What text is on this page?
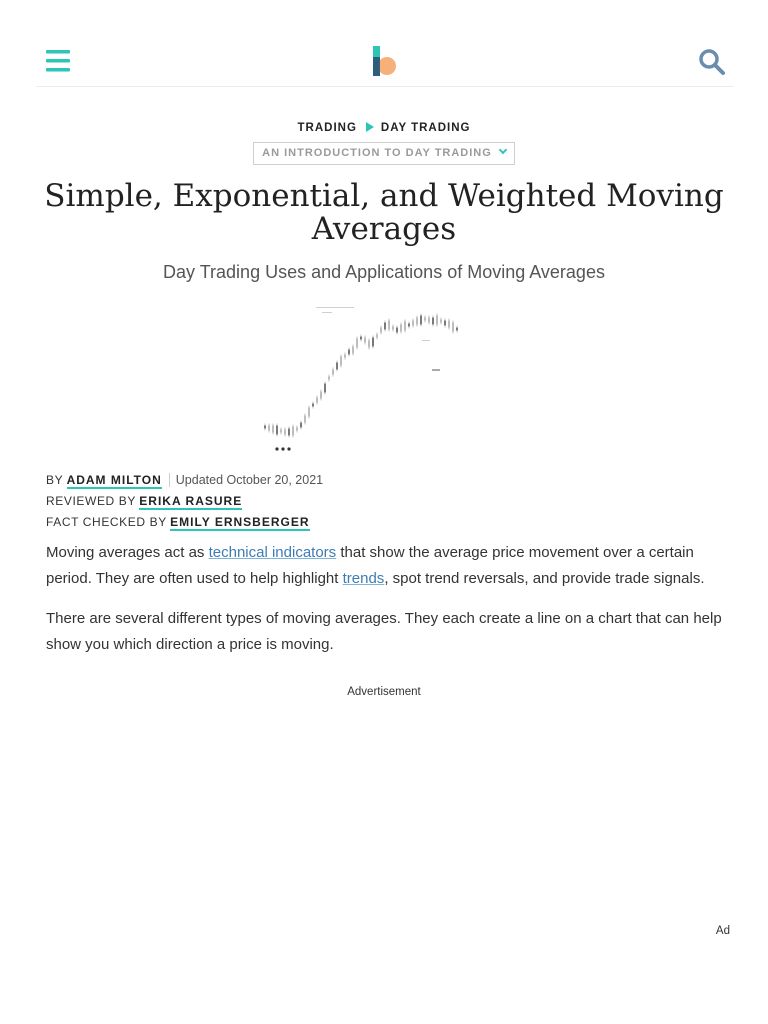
TRADING DAY TRADING
AN INTRODUCTION TO DAY TRADING
Simple, Exponential, and Weighted Moving Averages
Day Trading Uses and Applications of Moving Averages
BY ADAM MILTON Updated October 20, 2021
REVIEWED BY ERIKA RASURE
FACT CHECKED BY EMILY ERNSBERGER

Moving averages act as technical indicators that show the average price movement over a certain period. They are often used to help highlight trends, spot trend reversals, and provide trade signals.

There are several different types of moving averages. They each create a line on a chart that can help show you which direction a price is moving.

Advertisement
Ad
